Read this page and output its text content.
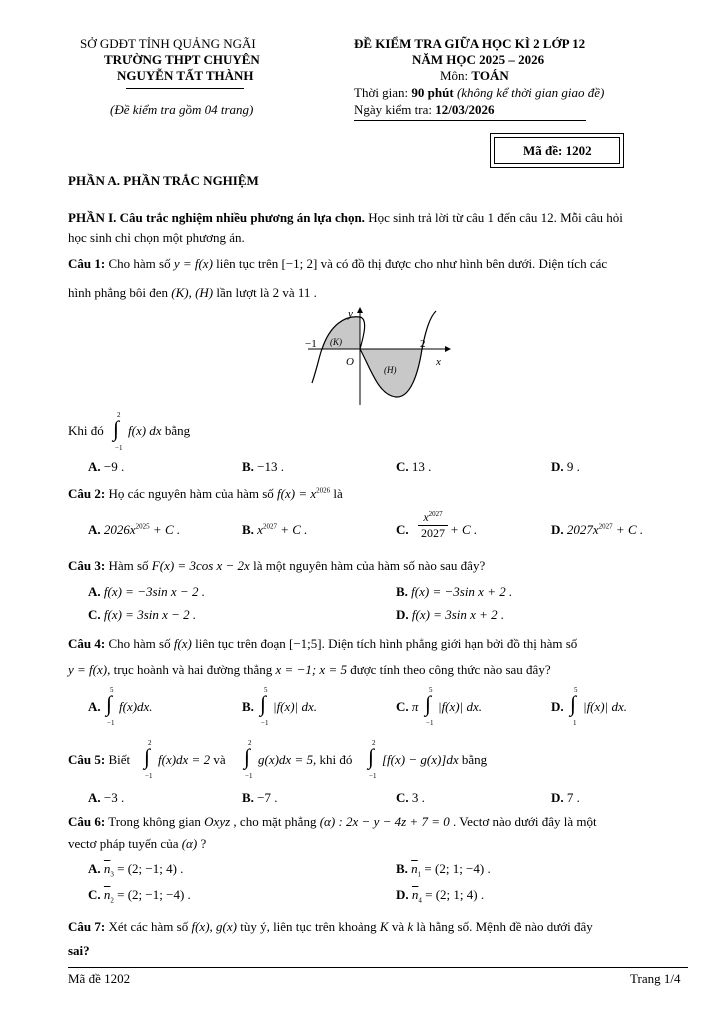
SỞ GDĐT TỈNH QUẢNG NGÃI
TRƯỜNG THPT CHUYÊN
NGUYỄN TẤT THÀNH
(Đề kiểm tra gồm 04 trang)
ĐỀ KIỂM TRA GIỮA HỌC KÌ 2 LỚP 12
NĂM HỌC 2025 – 2026
Môn: TOÁN
Thời gian: 90 phút (không kể thời gian giao đề)
Ngày kiểm tra: 12/03/2026
Mã đề: 1202
PHẦN A. PHẦN TRẮC NGHIỆM
PHẦN I. Câu trắc nghiệm nhiều phương án lựa chọn. Học sinh trả lời từ câu 1 đến câu 12. Mỗi câu hỏi
học sinh chỉ chọn một phương án.
Câu 1: Cho hàm số y = f(x) liên tục trên [−1; 2] và có đồ thị được cho như hình bên dưới. Diện tích các
hình phẳng bôi đen (K), (H) lần lượt là 2 và 11 .
y
x
O
−1	2
(K)
(H)
Khi đó
2
∫
−1
f(x) dx bằng
A. −9 .	B. −13 .	C. 13 .	D. 9 .
Câu 2: Họ các nguyên hàm của hàm số $f(x) = x^{2026}$ là
A. $2026x^{2025} + C$ .	B. $x^{2027} + C$ .	C.
$x^{2027}$
2027 + C .	D. $2027x^{2027} + C$ .
Câu 3: Hàm số F(x) = 3cos x − 2x là một nguyên hàm của hàm số nào sau đây?
A. f(x) = −3sin x − 2 .	B. f(x) = −3sin x + 2 .
C. f(x) = 3sin x − 2 .	D. f(x) = 3sin x + 2 .
Câu 4: Cho hàm số f(x) liên tục trên đoạn [−1;5]. Diện tích hình phẳng giới hạn bởi đồ thị hàm số
y = f(x), trục hoành và hai đường thẳng x = −1; x = 5 được tính theo công thức nào sau đây?
A.
5
∫
−1
f(x)dx.	B.
5
∫
−1
|f(x)| dx.	C. π
5
∫
−1
|f(x)| dx.	D.
5
∫
1
|f(x)| dx.
Câu 5: Biết
2
∫
−1
f(x)dx = 2 và
2
∫
−1
g(x)dx = 5, khi đó
2
∫
−1
[f(x) − g(x)]dx bằng
A. −3 .	B. −7 .	C. 3 .	D. 7 .
Câu 6: Trong không gian Oxyz , cho mặt phẳng (α) : 2x − y − 4z + 7 = 0 . Vectơ nào dưới đây là một
vectơ pháp tuyến của (α) ?
A. $\overline{n}_3 = (2$; −1; 4) .	B. $\overline{n}_1 = (2$; 1; −4) .
C. $\overline{n}_2 = (2$; −1; −4) .	D. $\overline{n}_4 = (2$; 1; 4) .
Câu 7: Xét các hàm số f(x), g(x) tùy ý, liên tục trên khoảng K và k là hằng số. Mệnh đề nào dưới đây
sai?
Mã đề 1202	Trang 1/4
